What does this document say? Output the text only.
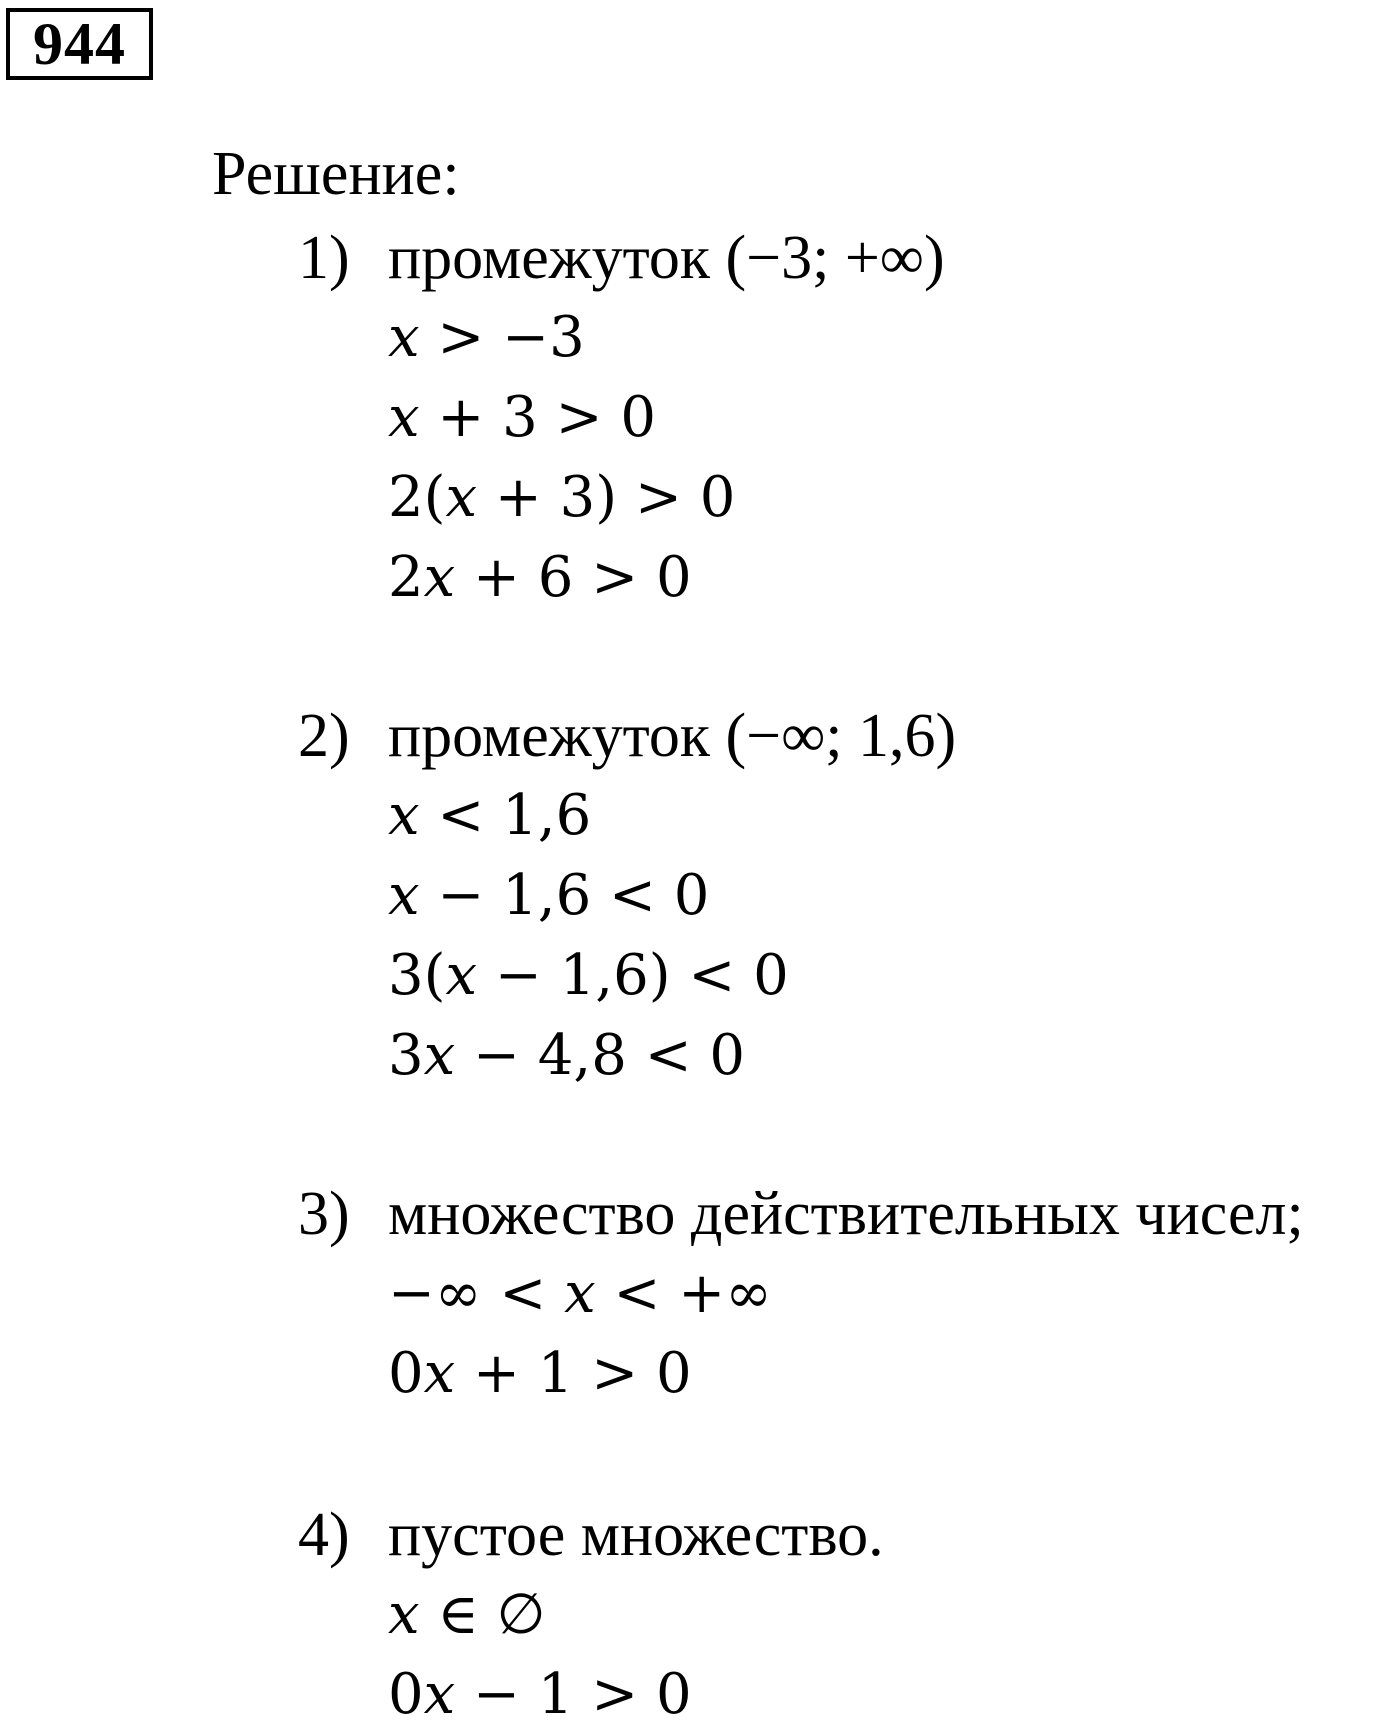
944
Решение:
1) промежуток (−3; +∞)
x > −3
x + 3 > 0
2(x + 3) > 0
2x + 6 > 0
2) промежуток (−∞; 1,6)
x < 1,6
x − 1,6 < 0
3(x − 1,6) < 0
3x − 4,8 < 0
3) множество действительных чисел;
−∞ < x < +∞
0x + 1 > 0
4) пустое множество.
x ∈ ∅
0x − 1 > 0
